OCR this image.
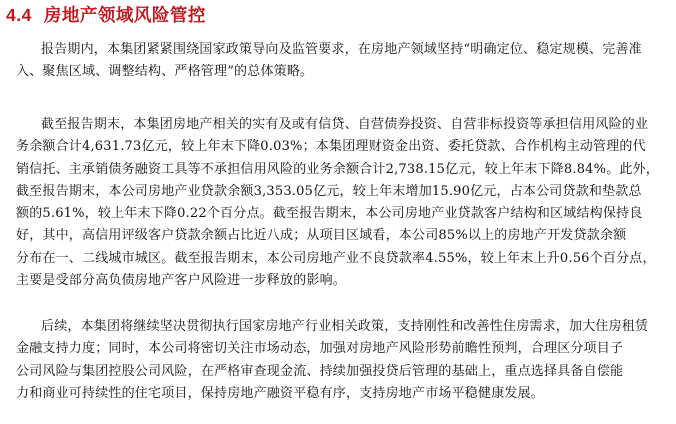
4.4 房地产领域风险管控
报告期内，本集团紧紧围绕国家政策导向及监管要求，在房地产领域坚持“明确定位、稳定规模、完善准
入、聚焦区域、调整结构、严格管理”的总体策略。
截至报告期末，本集团房地产相关的实有及或有信贷、自营债券投资、自营非标投资等承担信用风险的业
务余额合计4,631.73亿元，较上年末下降0.03%；本集团理财资金出资、委托贷款、合作机构主动管理的代
销信托、主承销债务融资工具等不承担信用风险的业务余额合计2,738.15亿元，较上年末下降8.84%。此外，
截至报告期末，本公司房地产业贷款余额3,353.05亿元，较上年末增加15.90亿元，占本公司贷款和垫款总
额的5.61%，较上年末下降0.22个百分点。截至报告期末，本公司房地产业贷款客户结构和区域结构保持良
好，其中，高信用评级客户贷款余额占比近八成；从项目区域看，本公司85%以上的房地产开发贷款余额
分布在一、二线城市城区。截至报告期末，本公司房地产业不良贷款率4.55%，较上年末上升0.56个百分点，
主要是受部分高负债房地产客户风险进一步释放的影响。
后续，本集团将继续坚决贯彻执行国家房地产行业相关政策，支持刚性和改善性住房需求，加大住房租赁
金融支持力度；同时，本公司将密切关注市场动态，加强对房地产风险形势前瞻性预判，合理区分项目子
公司风险与集团控股公司风险，在严格审查现金流、持续加强投贷后管理的基础上，重点选择具备自偿能
力和商业可持续性的住宅项目，保持房地产融资平稳有序，支持房地产市场平稳健康发展。
